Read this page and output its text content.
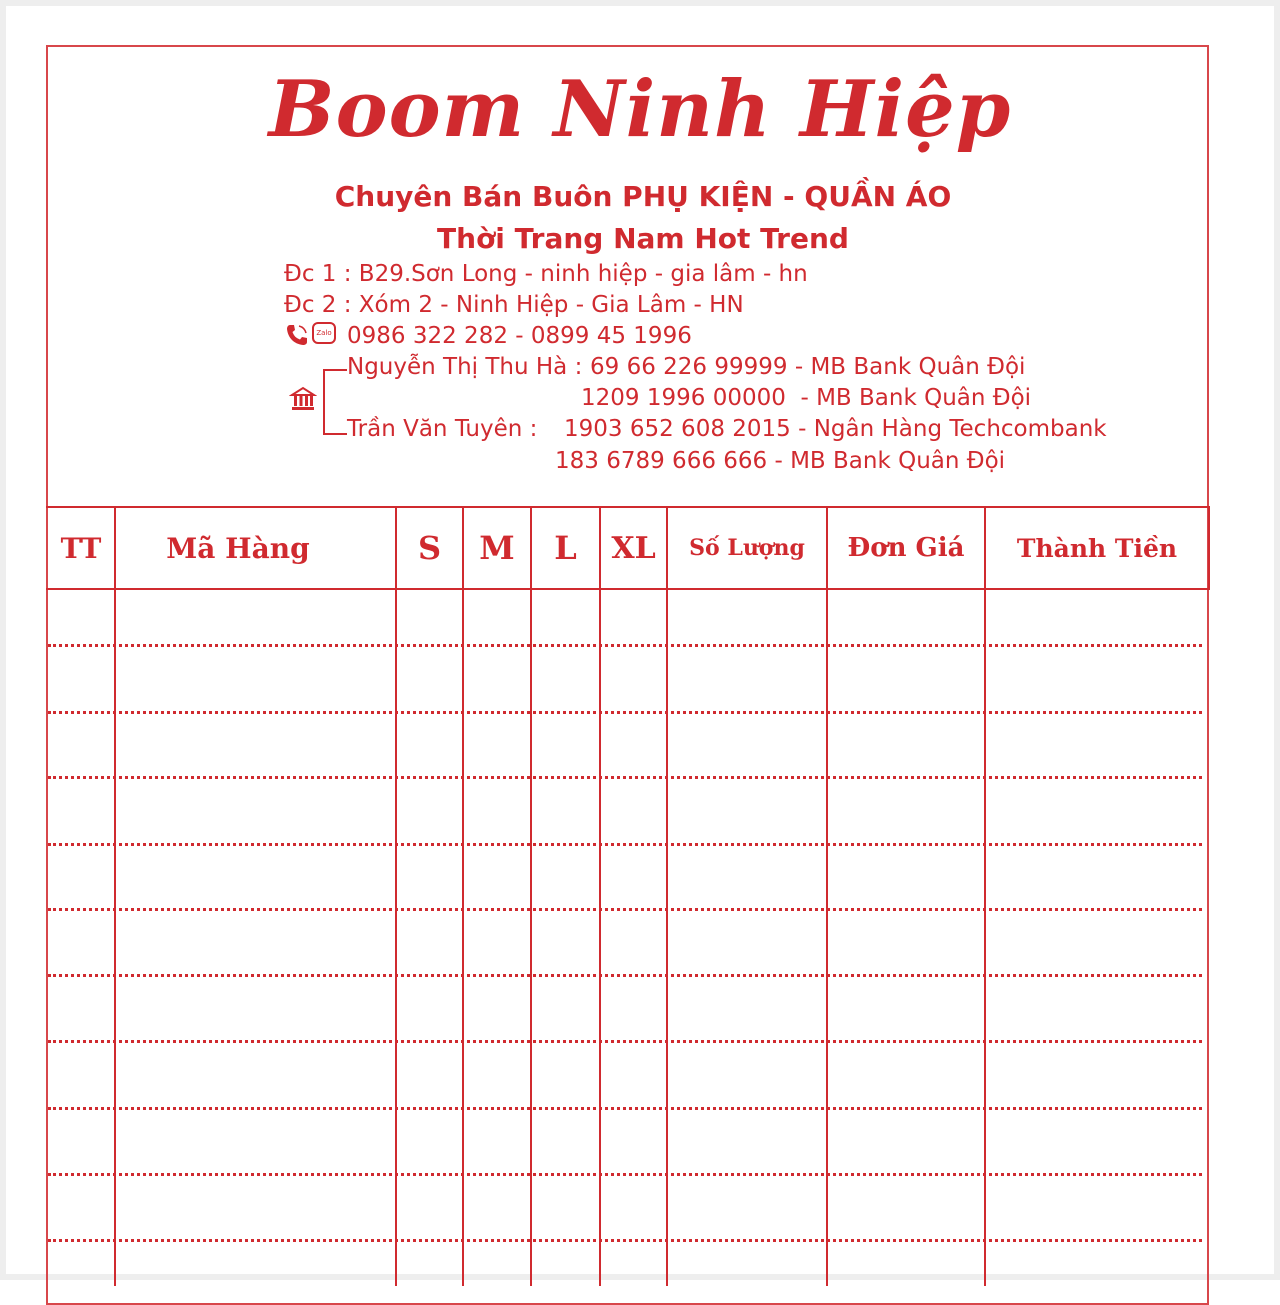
Boom Ninh Hiệp
Chuyên Bán Buôn PHỤ KIỆN - QUẦN ÁO
Thời Trang Nam Hot Trend
Đc 1 : B29.Sơn Long - ninh hiệp - gia lâm - hn
Đc 2 : Xóm 2 - Ninh Hiệp - Gia Lâm - HN
Zalo 0986 322 282 - 0899 45 1996
Nguyễn Thị Thu Hà : 69 66 226 99999 - MB Bank Quân Đội
1209 1996 00000  - MB Bank Quân Đội
Trần Văn Tuyên : 1903 652 608 2015 - Ngân Hàng Techcombank
183 6789 666 666 - MB Bank Quân Đội
TT	Mã Hàng	S	M	L	XL	Số Lượng	Đơn Giá	Thành Tiền
